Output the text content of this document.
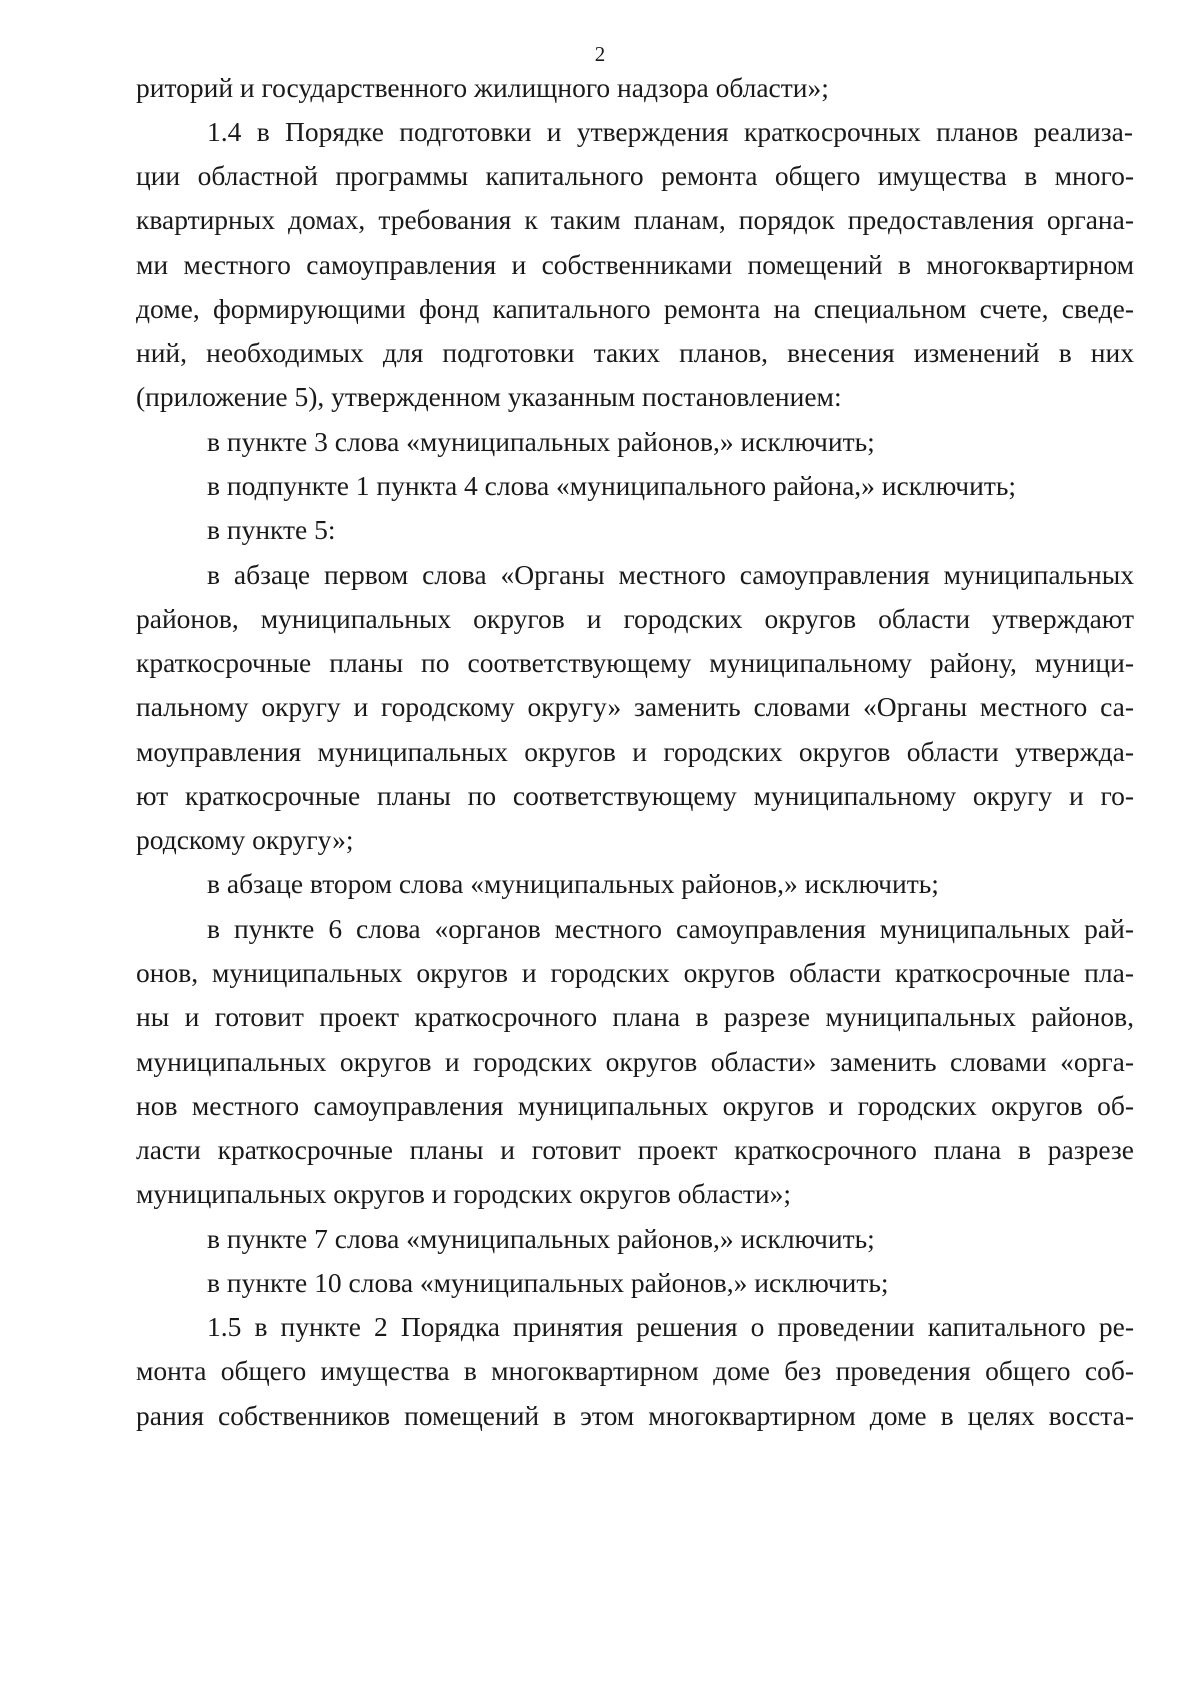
2
риторий и государственного жилищного надзора области»;
1.4 в Порядке подготовки и утверждения краткосрочных планов реализа-
ции областной программы капитального ремонта общего имущества в много-
квартирных домах, требования к таким планам, порядок предоставления органа-
ми местного самоуправления и собственниками помещений в многоквартирном
доме, формирующими фонд капитального ремонта на специальном счете, сведе-
ний, необходимых для подготовки таких планов, внесения изменений в них
(приложение 5), утвержденном указанным постановлением:
в пункте 3 слова «муниципальных районов,» исключить;
в подпункте 1 пункта 4 слова «муниципального района,» исключить;
в пункте 5:
в абзаце первом слова «Органы местного самоуправления муниципальных
районов, муниципальных округов и городских округов области утверждают
краткосрочные планы по соответствующему муниципальному району, муници-
пальному округу и городскому округу» заменить словами «Органы местного са-
моуправления муниципальных округов и городских округов области утвержда-
ют краткосрочные планы по соответствующему муниципальному округу и го-
родскому округу»;
в абзаце втором слова «муниципальных районов,» исключить;
в пункте 6 слова «органов местного самоуправления муниципальных рай-
онов, муниципальных округов и городских округов области краткосрочные пла-
ны и готовит проект краткосрочного плана в разрезе муниципальных районов,
муниципальных округов и городских округов области» заменить словами «орга-
нов местного самоуправления муниципальных округов и городских округов об-
ласти краткосрочные планы и готовит проект краткосрочного плана в разрезе
муниципальных округов и городских округов области»;
в пункте 7 слова «муниципальных районов,» исключить;
в пункте 10 слова «муниципальных районов,» исключить;
1.5 в пункте 2 Порядка принятия решения о проведении капитального ре-
монта общего имущества в многоквартирном доме без проведения общего соб-
рания собственников помещений в этом многоквартирном доме в целях восста-
